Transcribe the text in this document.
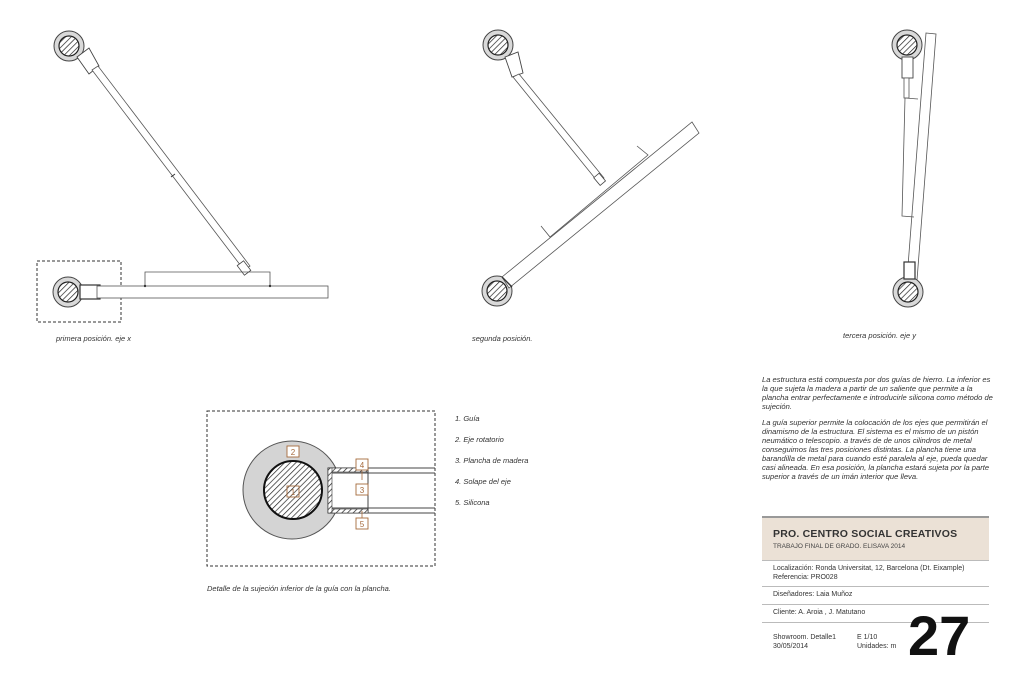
2
1
4
3
5
primera posición. eje x	segunda posición.	tercera posición. eje y
Detalle de la sujeción inferior de la guía con la plancha.
1. Guía
2. Eje rotatorio
3. Plancha de madera
4. Solape del eje
5. Silicona

La estructura está compuesta por dos guías de hierro. La inferior es la que sujeta la madera a partir de un saliente que permite a la plancha entrar perfectamente e introducirle silicona como método de sujeción.

La guía superior permite la colocación de los ejes que permitirán el dinamismo de la estructura. El sistema es el mismo de un pistón neumático o telescopio. a través de de unos cilindros de metal conseguimos las tres posiciones distintas. La plancha tiene una barandilla de metal para cuando esté paralela al eje, pueda quedar casi alineada. En esa posición, la plancha estará sujeta por la parte superior a través de un imán interior que lleva.

PRO. CENTRO SOCIAL CREATIVOS
TRABAJO FINAL DE GRADO. ELISAVA 2014
Localización: Ronda Universitat, 12, Barcelona (Dt. Eixample)
Referencia: PRO028
Diseñadores: Laia Muñoz
Cliente: A. Aroia , J. Matutano
Showroom. Detalle1
30/05/2014
E 1/10
Unidades: m 27
